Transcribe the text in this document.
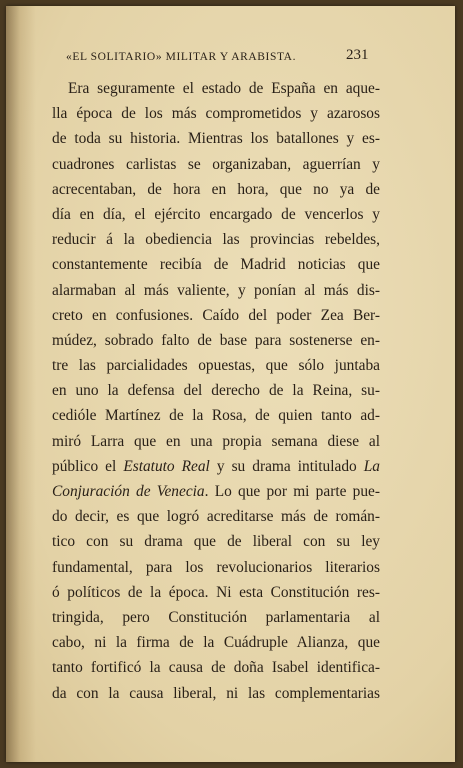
«EL SOLITARIO» MILITAR Y ARABISTA.	231
Era seguramente el estado de España en aque-
lla época de los más comprometidos y azarosos
de toda su historia. Mientras los batallones y es-
cuadrones carlistas se organizaban, aguerrían y
acrecentaban, de hora en hora, que no ya de
día en día, el ejército encargado de vencerlos y
reducir á la obediencia las provincias rebeldes,
constantemente recibía de Madrid noticias que
alarmaban al más valiente, y ponían al más dis-
creto en confusiones. Caído del poder Zea Ber-
múdez, sobrado falto de base para sostenerse en-
tre las parcialidades opuestas, que sólo juntaba
en uno la defensa del derecho de la Reina, su-
cedióle Martínez de la Rosa, de quien tanto ad-
miró Larra que en una propia semana diese al
público el Estatuto Real y su drama intitulado La
Conjuración de Venecia. Lo que por mi parte pue-
do decir, es que logró acreditarse más de román-
tico con su drama que de liberal con su ley
fundamental, para los revolucionarios literarios
ó políticos de la época. Ni esta Constitución res-
tringida, pero Constitución parlamentaria al
cabo, ni la firma de la Cuádruple Alianza, que
tanto fortificó la causa de doña Isabel identifica-
da con la causa liberal, ni las complementarias
